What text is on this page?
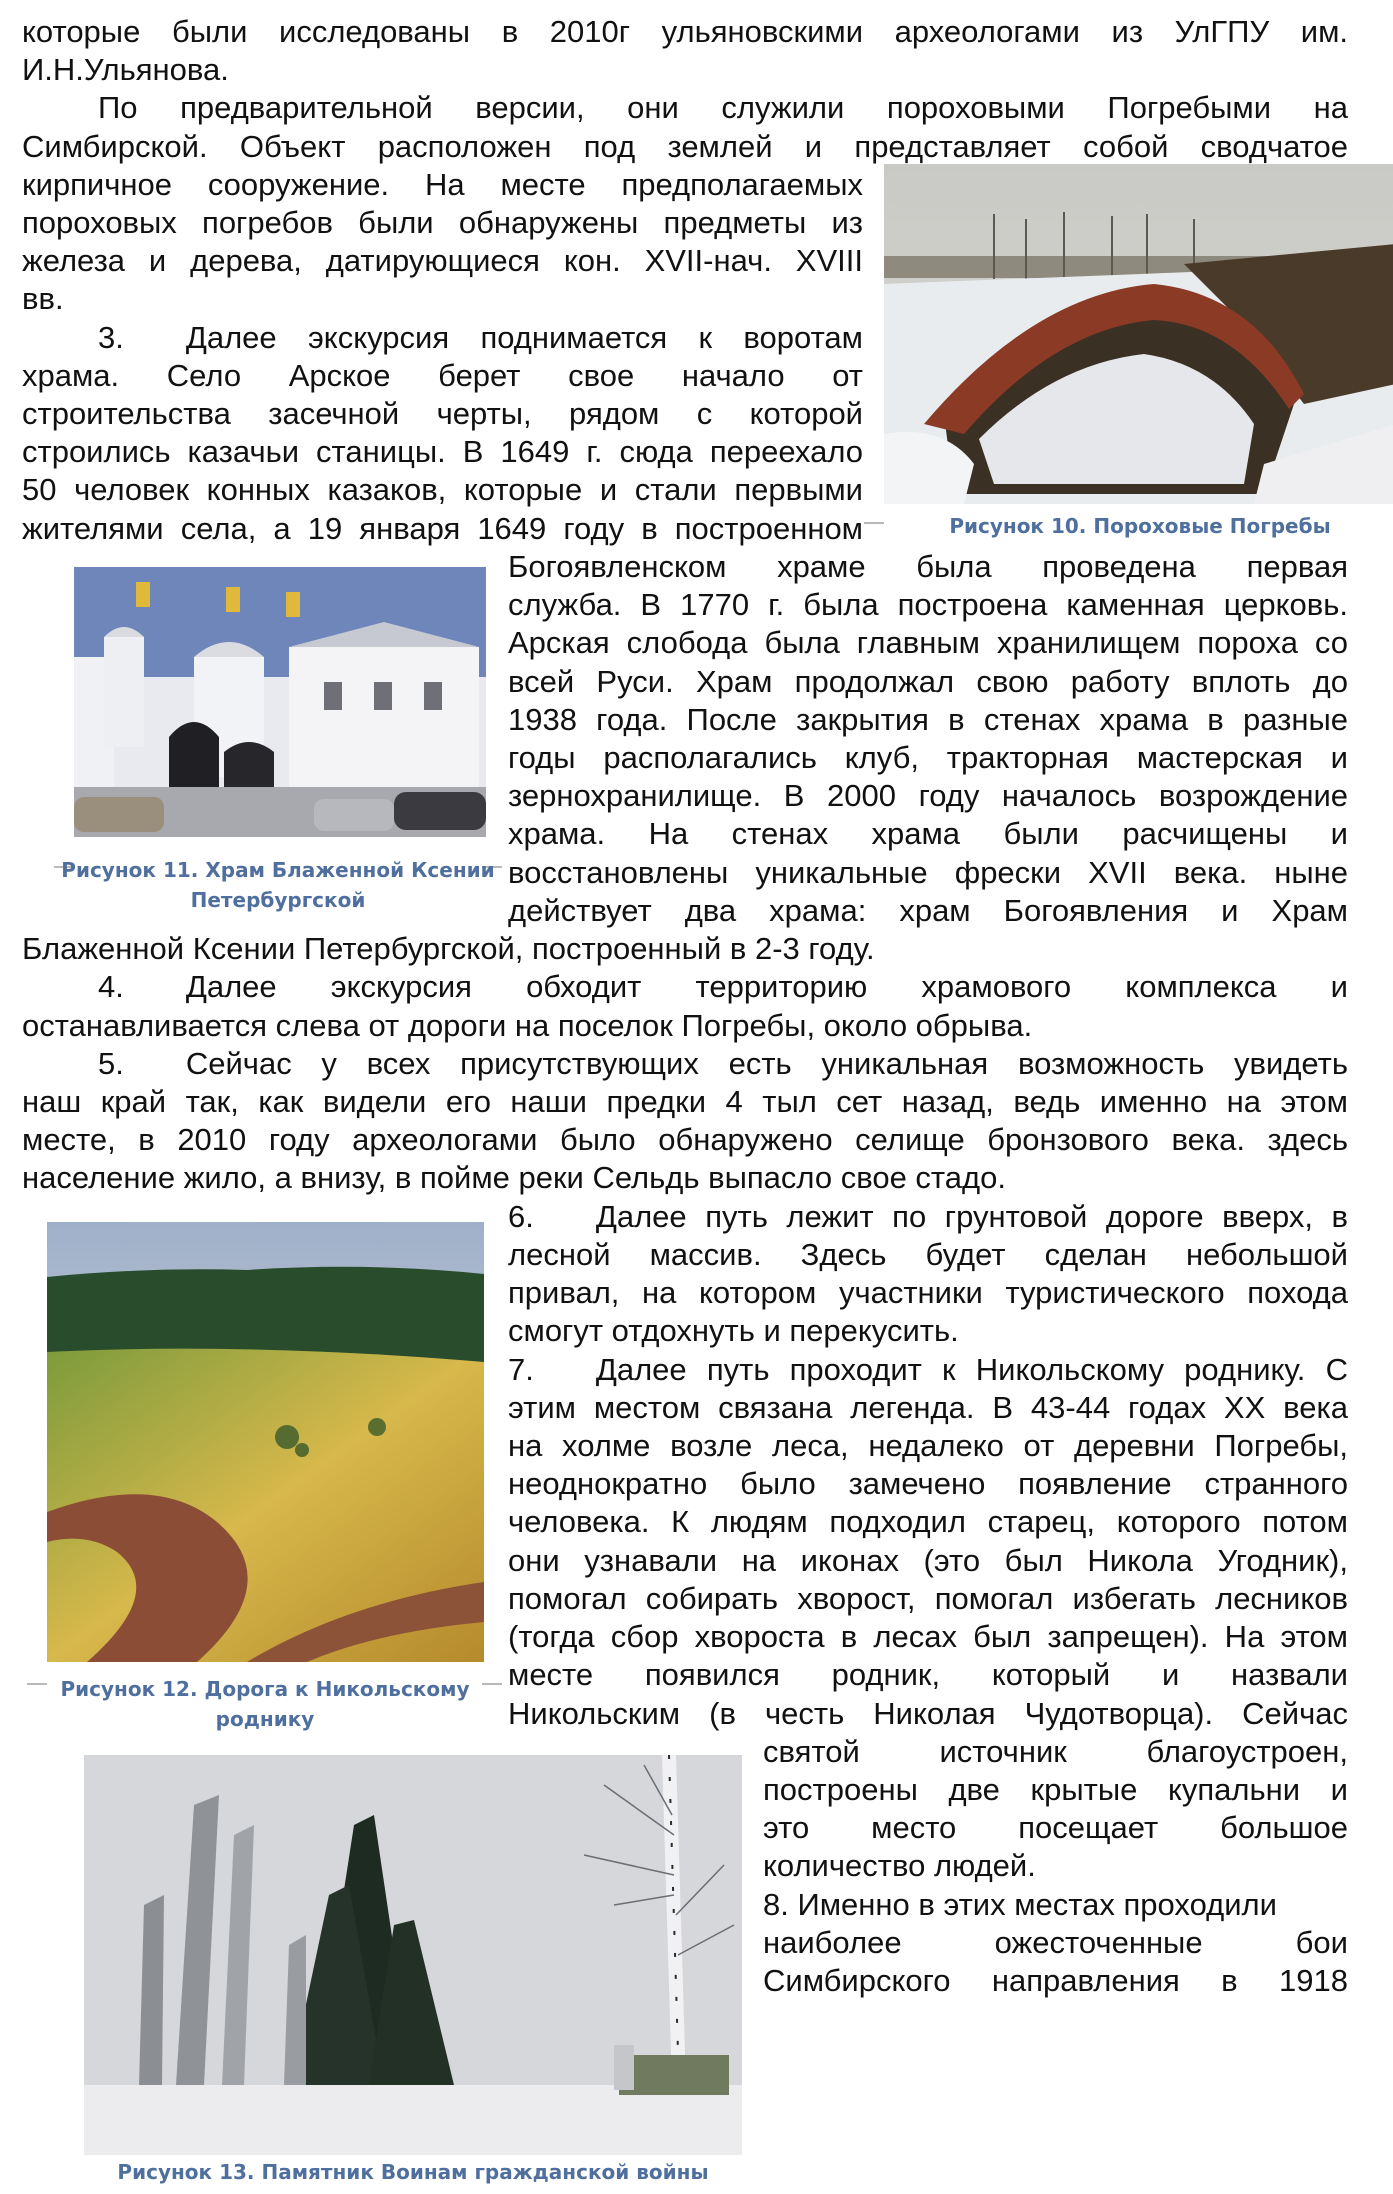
которые были исследованы в 2010г ульяновскими археологами из УлГПУ им.

И.Н.Ульянова.

По предварительной версии, они служили пороховыми Погребыми на

Симбирской. Объект расположен под землей и представляет собой сводчатое

кирпичное сооружение. На месте предполагаемых

пороховых погребов были обнаружены предметы из

железа и дерева, датирующиеся кон. XVII-нач. XVIII

вв.

3.  Далее экскурсия поднимается к воротам

храма. Село Арское берет свое начало от

строительства засечной черты, рядом с которой

строились казачьи станицы. В 1649 г. сюда переехало

50 человек конных казаков, которые и стали первыми

жителями села, а 19 января 1649 году в построенном

Богоявленском храме была проведена первая

служба. В 1770 г. была построена каменная церковь.

Арская слобода была главным хранилищем пороха со

всей Руси. Храм продолжал свою работу вплоть до

1938 года. После закрытия в стенах храма в разные

годы располагались клуб, тракторная мастерская и

зернохранилище. В 2000 году началось возрождение

храма. На стенах храма были расчищены и

восстановлены уникальные фрески XVII века. ныне

действует два храма: храм Богоявления и Храм

Блаженной Ксении Петербургской, построенный в 2-3 году.

4.  Далее экскурсия обходит территорию храмового комплекса и

останавливается слева от дороги на поселок Погребы, около обрыва.

5.  Сейчас у всех присутствующих есть уникальная возможность увидеть

наш край так, как видели его наши предки 4 тыл сет назад, ведь именно на этом

месте, в 2010 году археологами было обнаружено селище бронзового века. здесь

население жило, а внизу, в пойме реки Сельдь выпасло свое стадо.

6.  Далее путь лежит по грунтовой дороге вверх, в

лесной массив. Здесь будет сделан небольшой

привал, на котором участники туристического похода

смогут отдохнуть и перекусить.

7.  Далее путь проходит к Никольскому роднику. С

этим местом связана легенда. В 43-44 годах XX века

на холме возле леса, недалеко от деревни Погребы,

неоднократно было замечено появление странного

человека. К людям подходил старец, которого потом

они узнавали на иконах (это был Никола Угодник),

помогал собирать хворост, помогал избегать лесников

(тогда сбор хвороста в лесах был запрещен). На этом

месте появился родник, который и назвали

Никольским (в честь Николая Чудотворца). Сейчас

святой источник благоустроен,

построены две крытые купальни и

это место посещает большое

количество людей.

8. Именно в этих местах проходили

наиболее ожесточенные бои

Симбирского направления в 1918

Рисунок 10. Пороховые Погребы
Рисунок 11. Храм Блаженной Ксении
Петербургской
Рисунок 12. Дорога к Никольскому
роднику
Рисунок 13. Памятник Воинам гражданской войны
